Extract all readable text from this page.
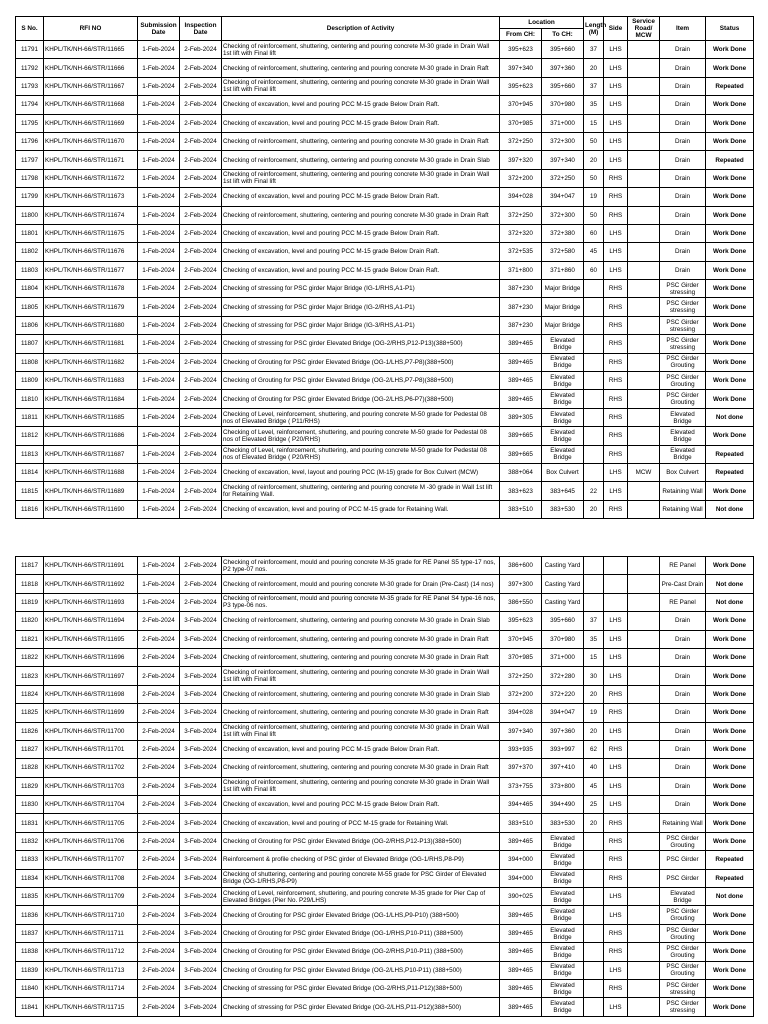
S No.	RFI NO	Submission Date	Inspection Date	Description of Activity	Location		Length (M)	Side	Service Road/ MCW	Item	Status
					From CH:	To CH:					
11791	KHPL/TK/NH-66/STR/11665	1-Feb-2024	2-Feb-2024	Checking of reinforcement, shuttering, centering and pouring concrete M-30 grade in Drain Wall 1st lift with Final lift	395+623	395+660	37	LHS		Drain	Work Done
11792	KHPL/TK/NH-66/STR/11666	1-Feb-2024	2-Feb-2024	Checking of reinforcement, shuttering, centering and pouring concrete M-30 grade in Drain Raft	397+340	397+360	20	LHS		Drain	Work Done
11793	KHPL/TK/NH-66/STR/11667	1-Feb-2024	2-Feb-2024	Checking of reinforcement, shuttering, centering and pouring concrete M-30 grade in Drain Wall 1st lift with Final lift	395+623	395+660	37	LHS		Drain	Repeated
11794	KHPL/TK/NH-66/STR/11668	1-Feb-2024	2-Feb-2024	Checking of excavation, level and pouring PCC M-15 grade Below Drain Raft.	370+945	370+980	35	LHS		Drain	Work Done
11795	KHPL/TK/NH-66/STR/11669	1-Feb-2024	2-Feb-2024	Checking of excavation, level and pouring PCC M-15 grade Below Drain Raft.	370+985	371+000	15	LHS		Drain	Work Done
11796	KHPL/TK/NH-66/STR/11670	1-Feb-2024	2-Feb-2024	Checking of reinforcement, shuttering, centering and pouring concrete M-30 grade in Drain Raft	372+250	372+300	50	LHS		Drain	Work Done
11797	KHPL/TK/NH-66/STR/11671	1-Feb-2024	2-Feb-2024	Checking of reinforcement, shuttering, centering and pouring concrete M-30 grade in Drain Slab	397+320	397+340	20	LHS		Drain	Repeated
11798	KHPL/TK/NH-66/STR/11672	1-Feb-2024	2-Feb-2024	Checking of reinforcement, shuttering, centering and pouring concrete M-30 grade in Drain Wall 1st lift with Final lift	372+200	372+250	50	RHS		Drain	Work Done
11799	KHPL/TK/NH-66/STR/11673	1-Feb-2024	2-Feb-2024	Checking of excavation, level and pouring PCC M-15 grade Below Drain Raft.	394+028	394+047	19	RHS		Drain	Work Done
11800	KHPL/TK/NH-66/STR/11674	1-Feb-2024	2-Feb-2024	Checking of reinforcement, shuttering, centering and pouring concrete M-30 grade in Drain Raft	372+250	372+300	50	RHS		Drain	Work Done
11801	KHPL/TK/NH-66/STR/11675	1-Feb-2024	2-Feb-2024	Checking of excavation, level and pouring PCC M-15 grade Below Drain Raft.	372+320	372+380	60	LHS		Drain	Work Done
11802	KHPL/TK/NH-66/STR/11676	1-Feb-2024	2-Feb-2024	Checking of excavation, level and pouring PCC M-15 grade Below Drain Raft.	372+535	372+580	45	LHS		Drain	Work Done
11803	KHPL/TK/NH-66/STR/11677	1-Feb-2024	2-Feb-2024	Checking of excavation, level and pouring PCC M-15 grade Below Drain Raft.	371+800	371+860	60	LHS		Drain	Work Done
11804	KHPL/TK/NH-66/STR/11678	1-Feb-2024	2-Feb-2024	Checking of stressing for PSC girder Major Bridge (IG-1/RHS,A1-P1)	387+230	Major Bridge		RHS		PSC Girder stressing	Work Done
11805	KHPL/TK/NH-66/STR/11679	1-Feb-2024	2-Feb-2024	Checking of stressing for PSC girder Major Bridge (IG-2/RHS,A1-P1)	387+230	Major Bridge		RHS		PSC Girder stressing	Work Done
11806	KHPL/TK/NH-66/STR/11680	1-Feb-2024	2-Feb-2024	Checking of stressing for PSC girder Major Bridge (IG-3/RHS,A1-P1)	387+230	Major Bridge		RHS		PSC Girder stressing	Work Done
11807	KHPL/TK/NH-66/STR/11681	1-Feb-2024	2-Feb-2024	Checking of stressing for PSC girder Elevated Bridge (OG-2/RHS,P12-P13)(388+500)	389+465	Elevated Bridge		RHS		PSC Girder stressing	Work Done
11808	KHPL/TK/NH-66/STR/11682	1-Feb-2024	2-Feb-2024	Checking of Grouting for PSC girder Elevated Bridge (OG-1/LHS,P7-P8)(388+500)	389+465	Elevated Bridge		RHS		PSC Girder Grouting	Work Done
11809	KHPL/TK/NH-66/STR/11683	1-Feb-2024	2-Feb-2024	Checking of Grouting for PSC girder Elevated Bridge (OG-2/LHS,P7-P8)(388+500)	389+465	Elevated Bridge		RHS		PSC Girder Grouting	Work Done
11810	KHPL/TK/NH-66/STR/11684	1-Feb-2024	2-Feb-2024	Checking of Grouting for PSC girder Elevated Bridge (OG-2/LHS,P6-P7)(388+500)	389+465	Elevated Bridge		RHS		PSC Girder Grouting	Work Done
11811	KHPL/TK/NH-66/STR/11685	1-Feb-2024	2-Feb-2024	Checking of Level, reinforcement, shuttering, and pouring concrete M-50 grade for Pedestal 08 nos of Elevated Bridge ( P11/RHS)	389+305	Elevated Bridge		RHS		Elevated Bridge	Not done
11812	KHPL/TK/NH-66/STR/11686	1-Feb-2024	2-Feb-2024	Checking of Level, reinforcement, shuttering, and pouring concrete M-50 grade for Pedestal 08 nos of Elevated Bridge ( P20/RHS)	389+665	Elevated Bridge		RHS		Elevated Bridge	Work Done
11813	KHPL/TK/NH-66/STR/11687	1-Feb-2024	2-Feb-2024	Checking of Level, reinforcement, shuttering, and pouring concrete M-50 grade for Pedestal 08 nos of Elevated Bridge ( P20/RHS)	389+665	Elevated Bridge		RHS		Elevated Bridge	Repeated
11814	KHPL/TK/NH-66/STR/11688	1-Feb-2024	2-Feb-2024	Checking of excavation, level, layout and pouring PCC (M-15) grade for Box Culvert (MCW)	388+064	Box Culvert		LHS	MCW	Box Culvert	Repeated
11815	KHPL/TK/NH-66/STR/11689	1-Feb-2024	2-Feb-2024	Checking of reinforcement, shuttering, centering and pouring concrete M -30 grade in Wall 1st lift for Retaining Wall.	383+623	383+645	22	LHS		Retaining Wall	Work Done
11816	KHPL/TK/NH-66/STR/11690	1-Feb-2024	2-Feb-2024	Checking of excavation, level and pouring of PCC M-15 grade for Retaining Wall.	383+510	383+530	20	RHS		Retaining Wall	Not done
11817	KHPL/TK/NH-66/STR/11691	1-Feb-2024	2-Feb-2024	Checking of reinforcement, mould and pouring concrete M-35 grade for RE Panel S5 type-17 nos, P2 type-07 nos.	386+600	Casting Yard				RE Panel	Work Done
11818	KHPL/TK/NH-66/STR/11692	1-Feb-2024	2-Feb-2024	Checking of reinforcement, mould and pouring concrete M-30 grade for Drain (Pre-Cast) (14 nos)	397+300	Casting Yard				Pre-Cast Drain	Not done
11819	KHPL/TK/NH-66/STR/11693	1-Feb-2024	2-Feb-2024	Checking of reinforcement, mould and pouring concrete M-35 grade for RE Panel S4 type-16 nos, P3 type-06 nos.	386+550	Casting Yard				RE Panel	Not done
11820	KHPL/TK/NH-66/STR/11694	2-Feb-2024	3-Feb-2024	Checking of reinforcement, shuttering, centering and pouring concrete M-30 grade in Drain Slab	395+623	395+660	37	LHS		Drain	Work Done
11821	KHPL/TK/NH-66/STR/11695	2-Feb-2024	3-Feb-2024	Checking of reinforcement, shuttering, centering and pouring concrete M-30 grade in Drain Raft	370+945	370+980	35	LHS		Drain	Work Done
11822	KHPL/TK/NH-66/STR/11696	2-Feb-2024	3-Feb-2024	Checking of reinforcement, shuttering, centering and pouring concrete M-30 grade in Drain Raft	370+985	371+000	15	LHS		Drain	Work Done
11823	KHPL/TK/NH-66/STR/11697	2-Feb-2024	3-Feb-2024	Checking of reinforcement, shuttering, centering and pouring concrete M-30 grade in Drain Wall 1st lift with Final lift	372+250	372+280	30	LHS		Drain	Work Done
11824	KHPL/TK/NH-66/STR/11698	2-Feb-2024	3-Feb-2024	Checking of reinforcement, shuttering, centering and pouring concrete M-30 grade in Drain Slab	372+200	372+220	20	RHS		Drain	Work Done
11825	KHPL/TK/NH-66/STR/11699	2-Feb-2024	3-Feb-2024	Checking of reinforcement, shuttering, centering and pouring concrete M-30 grade in Drain Raft	394+028	394+047	19	RHS		Drain	Work Done
11826	KHPL/TK/NH-66/STR/11700	2-Feb-2024	3-Feb-2024	Checking of reinforcement, shuttering, centering and pouring concrete M-30 grade in Drain Wall 1st lift with Final lift	397+340	397+360	20	LHS		Drain	Work Done
11827	KHPL/TK/NH-66/STR/11701	2-Feb-2024	3-Feb-2024	Checking of excavation, level and pouring PCC M-15 grade Below Drain Raft.	393+935	393+997	62	RHS		Drain	Work Done
11828	KHPL/TK/NH-66/STR/11702	2-Feb-2024	3-Feb-2024	Checking of reinforcement, shuttering, centering and pouring concrete M-30 grade in Drain Raft	397+370	397+410	40	LHS		Drain	Work Done
11829	KHPL/TK/NH-66/STR/11703	2-Feb-2024	3-Feb-2024	Checking of reinforcement, shuttering, centering and pouring concrete M-30 grade in Drain Wall 1st lift with Final lift	373+755	373+800	45	LHS		Drain	Work Done
11830	KHPL/TK/NH-66/STR/11704	2-Feb-2024	3-Feb-2024	Checking of excavation, level and pouring PCC M-15 grade Below Drain Raft.	394+465	394+490	25	LHS		Drain	Work Done
11831	KHPL/TK/NH-66/STR/11705	2-Feb-2024	3-Feb-2024	Checking of excavation, level and pouring of PCC M-15 grade for Retaining Wall.	383+510	383+530	20	RHS		Retaining Wall	Work Done
11832	KHPL/TK/NH-66/STR/11706	2-Feb-2024	3-Feb-2024	Checking of Grouting for PSC girder Elevated Bridge (OG-2/RHS,P12-P13)(388+500)	389+465	Elevated Bridge		RHS		PSC Girder Grouting	Work Done
11833	KHPL/TK/NH-66/STR/11707	2-Feb-2024	3-Feb-2024	Reinforcement & profile checking of PSC girder of Elevated Bridge (OG-1/RHS,P8-P9)	394+000	Elevated Bridge		RHS		PSC Girder	Repeated
11834	KHPL/TK/NH-66/STR/11708	2-Feb-2024	3-Feb-2024	Checking of shuttering, centering and pouring concrete M-55 grade for PSC Girder of Elevated Bridge (OG-1/RHS,P8-P9)	394+000	Elevated Bridge		RHS		PSC Girder	Repeated
11835	KHPL/TK/NH-66/STR/11709	2-Feb-2024	3-Feb-2024	Checking of Level, reinforcement, shuttering, and pouring concrete M-35 grade for Pier Cap of Elevated Bridges (Pier No. P29/LHS)	390+025	Elevated Bridge		LHS		Elevated Bridge	Not done
11836	KHPL/TK/NH-66/STR/11710	2-Feb-2024	3-Feb-2024	Checking of Grouting for PSC girder Elevated Bridge (OG-1/LHS,P9-P10) (388+500)	389+465	Elevated Bridge		LHS		PSC Girder Grouting	Work Done
11837	KHPL/TK/NH-66/STR/11711	2-Feb-2024	3-Feb-2024	Checking of Grouting for PSC girder Elevated Bridge (OG-1/RHS,P10-P11) (388+500)	389+465	Elevated Bridge		RHS		PSC Girder Grouting	Work Done
11838	KHPL/TK/NH-66/STR/11712	2-Feb-2024	3-Feb-2024	Checking of Grouting for PSC girder Elevated Bridge (OG-2/RHS,P10-P11) (388+500)	389+465	Elevated Bridge		RHS		PSC Girder Grouting	Work Done
11839	KHPL/TK/NH-66/STR/11713	2-Feb-2024	3-Feb-2024	Checking of Grouting for PSC girder Elevated Bridge (OG-2/LHS,P10-P11) (388+500)	389+465	Elevated Bridge		LHS		PSC Girder Grouting	Work Done
11840	KHPL/TK/NH-66/STR/11714	2-Feb-2024	3-Feb-2024	Checking of stressing for PSC girder Elevated Bridge (OG-2/RHS,P11-P12)(388+500)	389+465	Elevated Bridge		RHS		PSC Girder stressing	Work Done
11841	KHPL/TK/NH-66/STR/11715	2-Feb-2024	3-Feb-2024	Checking of stressing for PSC girder Elevated Bridge (OG-2/LHS,P11-P12)(388+500)	389+465	Elevated Bridge		LHS		PSC Girder stressing	Work Done
